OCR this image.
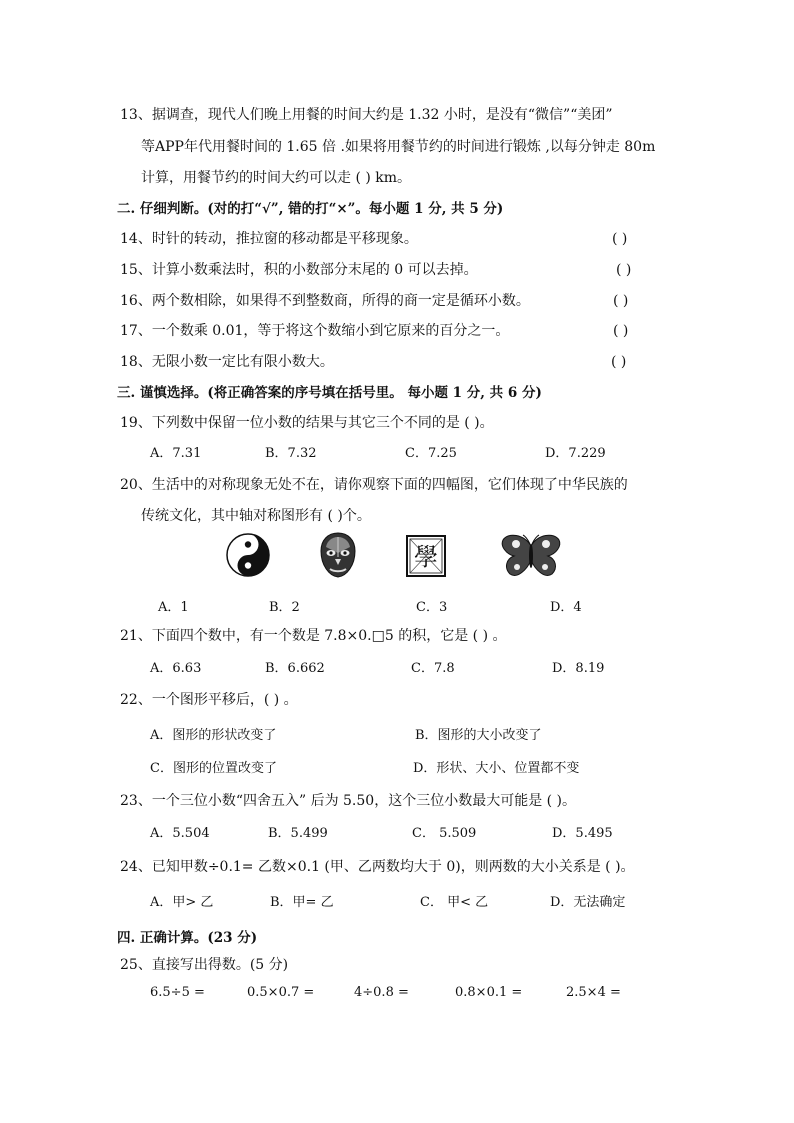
13、据调查，现代人们晚上用餐的时间大约是 1.32 小时，是没有“微信”“美团”
等APP年代用餐时间的 1.65 倍 .如果将用餐节约的时间进行锻炼 ,以每分钟走 80m
计算，用餐节约的时间大约可以走 ( ) km。
二. 仔细判断。(对的打“√”, 错的打“×”。每小题 1 分, 共 5 分)
14、时针的转动，推拉窗的移动都是平移现象。	( )
15、计算小数乘法时，积的小数部分末尾的 0 可以去掉。	( )
16、两个数相除，如果得不到整数商，所得的商一定是循环小数。	( )
17、一个数乘 0.01，等于将这个数缩小到它原来的百分之一。	( )
18、无限小数一定比有限小数大。	( )
三. 谨慎选择。(将正确答案的序号填在括号里。 每小题 1 分, 共 6 分)
19、下列数中保留一位小数的结果与其它三个不同的是 ( )。
A．7.31	B．7.32	C．7.25	D．7.229
20、生活中的对称现象无处不在，请你观察下面的四幅图，它们体现了中华民族的
传统文化，其中轴对称图形有 ( )个。
學
A．1	B．2	C．3	D．4
21、下面四个数中，有一个数是 7.8×0.□5 的积，它是 ( ) 。
A．6.63	B．6.662	C．7.8	D．8.19
22、一个图形平移后，( ) 。
A．图形的形状改变了	B．图形的大小改变了
C．图形的位置改变了	D．形状、大小、位置都不变
23、一个三位小数“四舍五入” 后为 5.50，这个三位小数最大可能是 ( )。
A．5.504	B．5.499	C． 5.509	D．5.495
24、已知甲数÷0.1= 乙数×0.1 (甲、乙两数均大于 0)，则两数的大小关系是 ( )。
A．甲> 乙	B．甲= 乙	C． 甲< 乙	D．无法确定
四. 正确计算。(23 分)
25、直接写出得数。(5 分)
6.5÷5 =	0.5×0.7 =	4÷0.8 =	0.8×0.1 =	2.5×4 =
